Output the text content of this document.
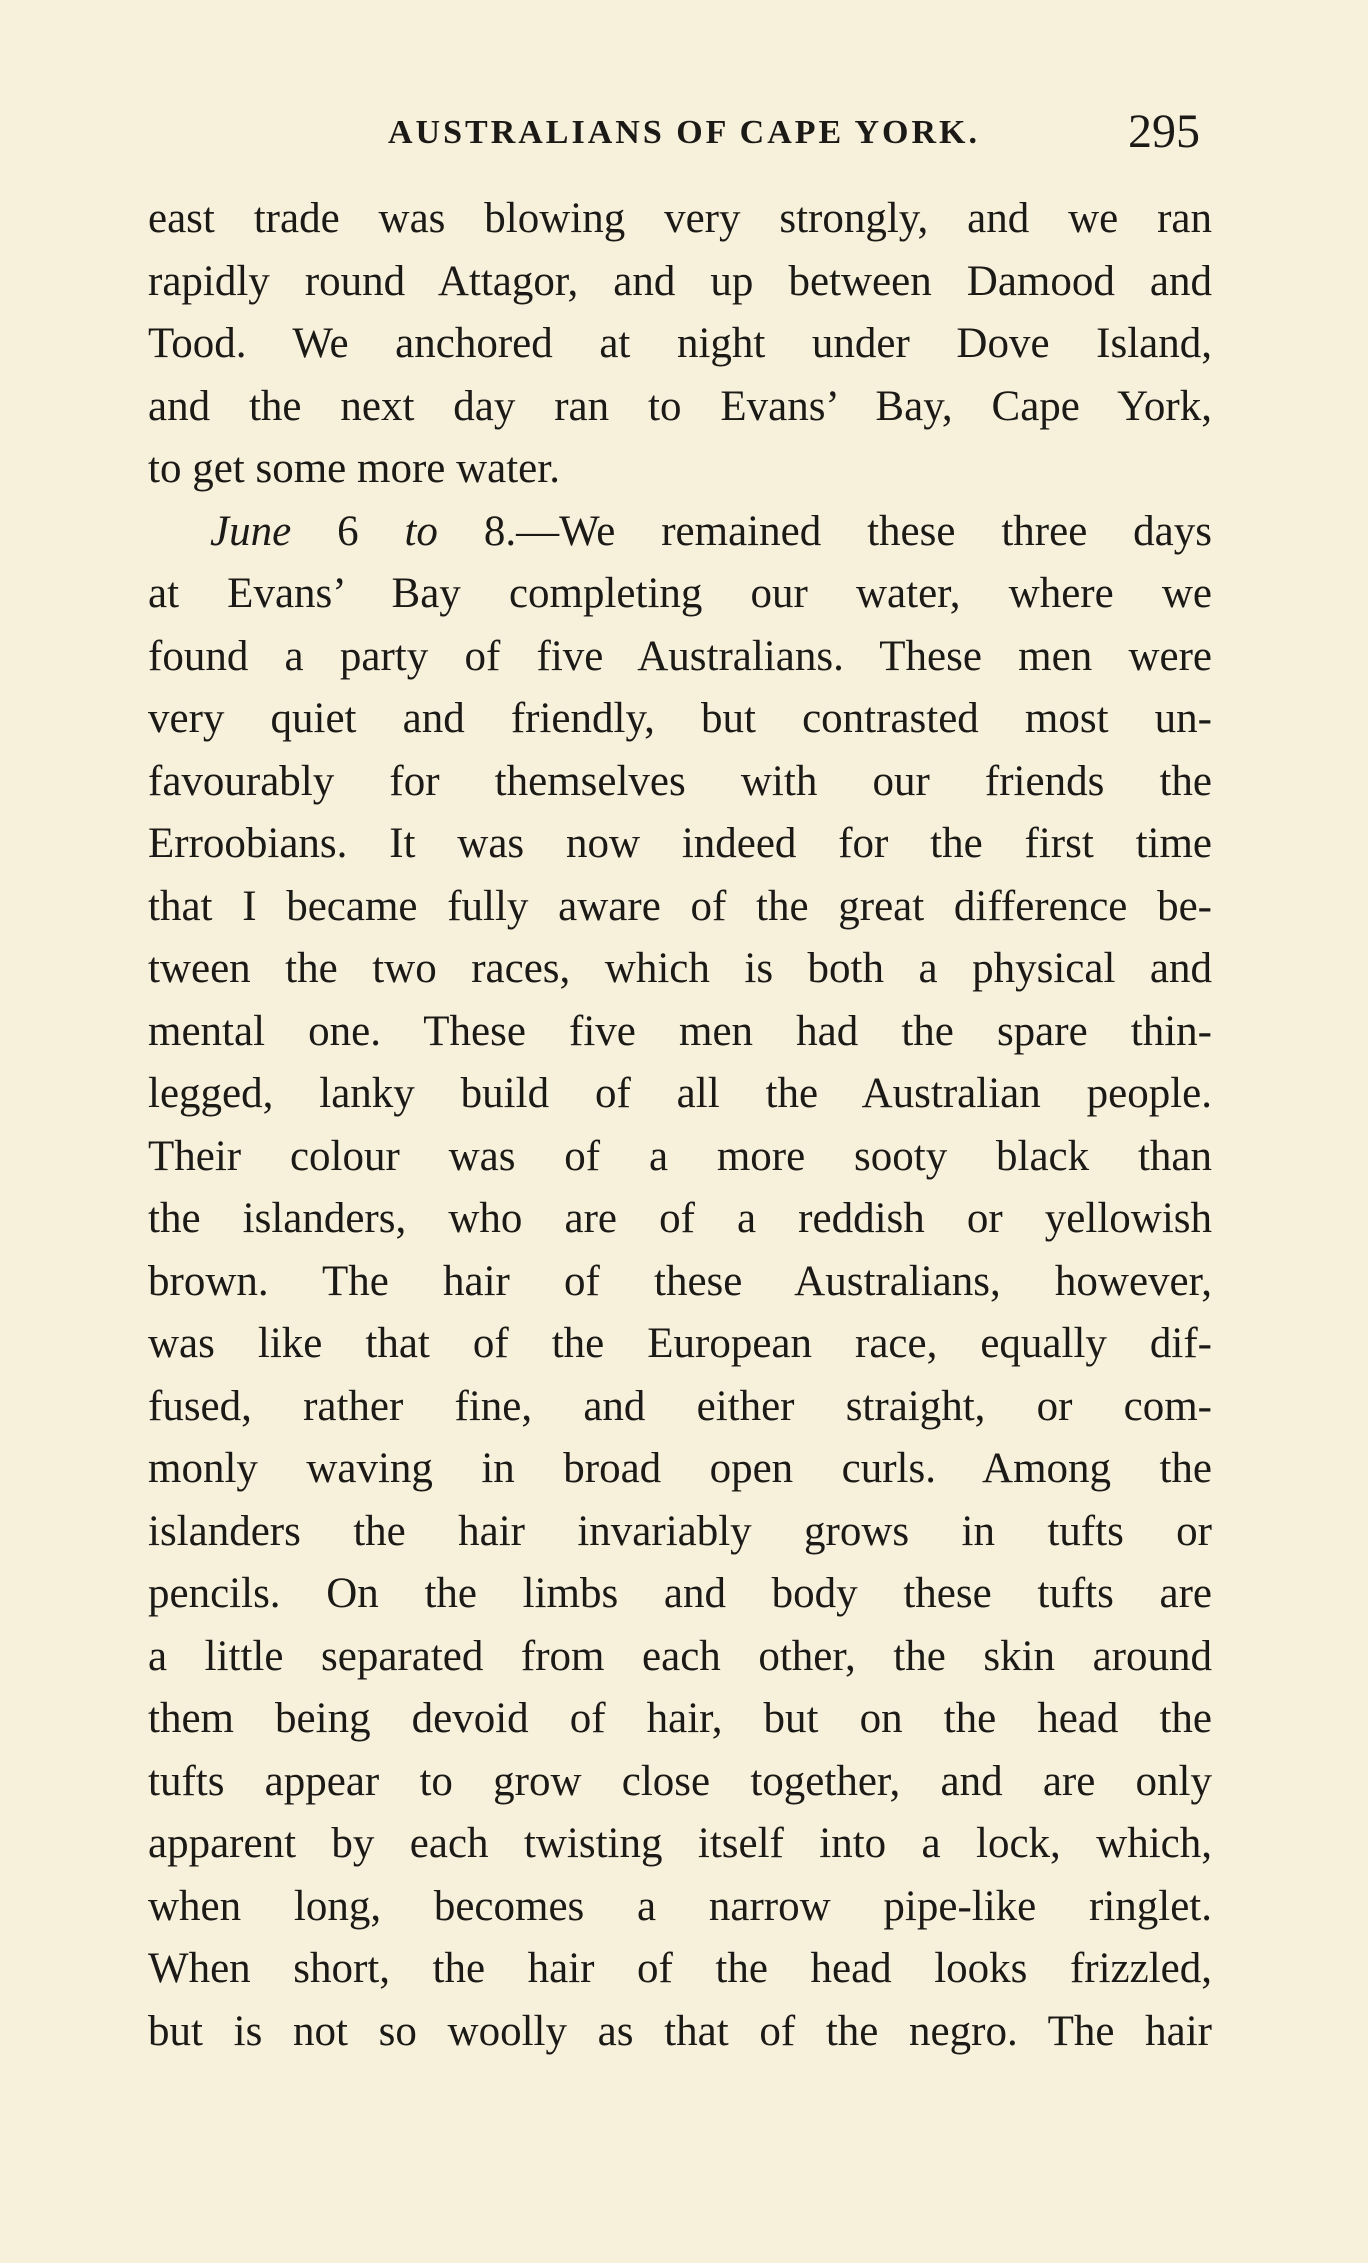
AUSTRALIANS OF CAPE YORK.	295
east trade was blowing very strongly, and we ran
rapidly round Attagor, and up between Damood and
Tood. We anchored at night under Dove Island,
and the next day ran to Evans’ Bay, Cape York,
to get some more water.
June 6 to 8.—We remained these three days
at Evans’ Bay completing our water, where we
found a party of five Australians. These men were
very quiet and friendly, but contrasted most un-
favourably for themselves with our friends the
Erroobians. It was now indeed for the first time
that I became fully aware of the great difference be-
tween the two races, which is both a physical and
mental one. These five men had the spare thin-
legged, lanky build of all the Australian people.
Their colour was of a more sooty black than
the islanders, who are of a reddish or yellowish
brown. The hair of these Australians, however,
was like that of the European race, equally dif-
fused, rather fine, and either straight, or com-
monly waving in broad open curls. Among the
islanders the hair invariably grows in tufts or
pencils. On the limbs and body these tufts are
a little separated from each other, the skin around
them being devoid of hair, but on the head the
tufts appear to grow close together, and are only
apparent by each twisting itself into a lock, which,
when long, becomes a narrow pipe-like ringlet.
When short, the hair of the head looks frizzled,
but is not so woolly as that of the negro. The hair
